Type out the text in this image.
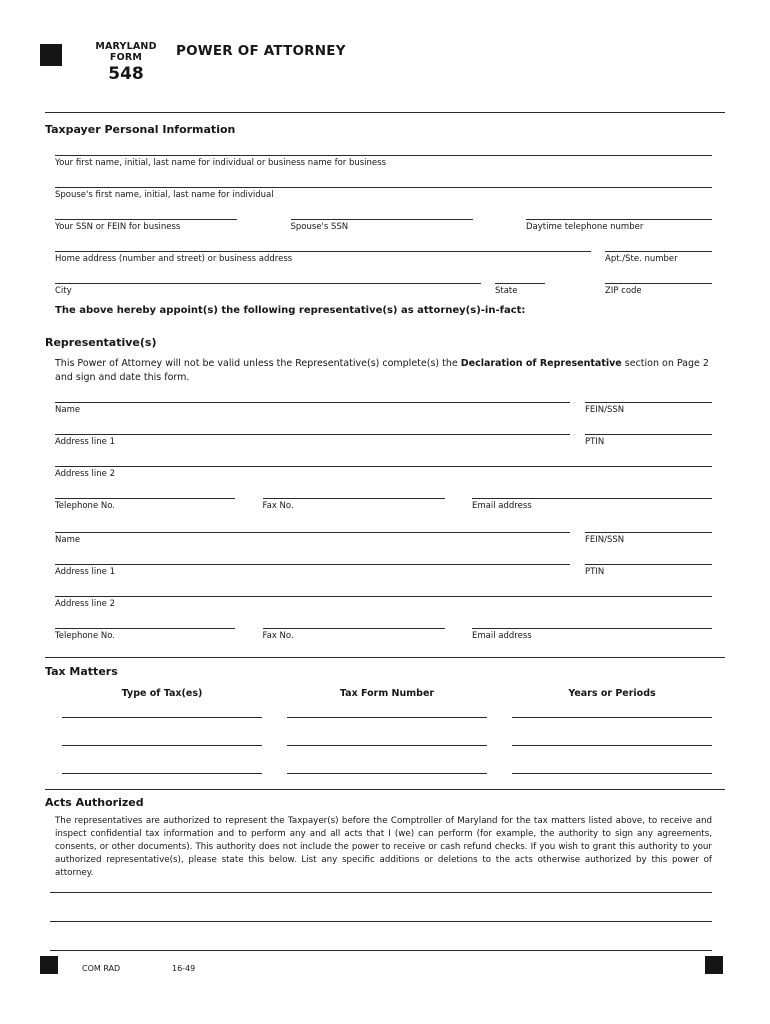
MARYLAND
FORM
548
POWER OF ATTORNEY
Taxpayer Personal Information
Your first name, initial, last name for individual or business name for business
Spouse's first name, initial, last name for individual
Your SSN or FEIN for business	Spouse's SSN	Daytime telephone number
Home address (number and street) or business address	Apt./Ste. number
City	State	ZIP code
The above hereby appoint(s) the following representative(s) as attorney(s)-in-fact:
Representative(s)

This Power of Attorney will not be valid unless the Representative(s) complete(s) the Declaration of Representative section on Page 2 and sign and date this form.

Name	FEIN/SSN
Address line 1	PTIN
Address line 2
Telephone No.	Fax No.	Email address
Name	FEIN/SSN
Address line 1	PTIN
Address line 2
Telephone No.	Fax No.	Email address
Tax Matters
Type of Tax(es)	Tax Form Number	Years or Periods
Acts Authorized

The representatives are authorized to represent the Taxpayer(s) before the Comptroller of Maryland for the tax matters listed above, to receive and inspect confidential tax information and to perform any and all acts that I (we) can perform (for example, the authority to sign any agreements, consents, or other documents). This authority does not include the power to receive or cash refund checks. If you wish to grant this authority to your authorized representative(s), please state this below. List any specific additions or deletions to the acts otherwise authorized by this power of attorney.

COM RAD	16-49
